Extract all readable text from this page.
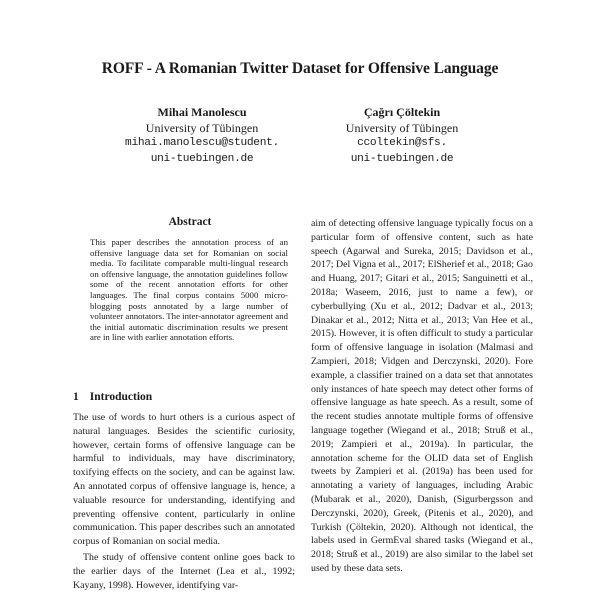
ROFF - A Romanian Twitter Dataset for Offensive Language
Mihai Manolescu
University of Tübingen
mihai.manolescu@student.
uni-tuebingen.de
Çağrı Çöltekin
University of Tübingen
ccoltekin@sfs.
uni-tuebingen.de
Abstract

This paper describes the annotation process of an offensive language data set for Romanian on social media. To facilitate comparable multi-lingual research on offensive language, the annotation guidelines follow some of the recent annotation efforts for other languages. The final corpus contains 5000 micro-blogging posts annotated by a large number of volunteer annotators. The inter-annotator agreement and the initial automatic discrimination results we present are in line with earlier annotation efforts.

1 Introduction

The use of words to hurt others is a curious aspect of natural languages. Besides the scientific curiosity, however, certain forms of offensive language can be harmful to individuals, may have discriminatory, toxifying effects on the society, and can be against law. An annotated corpus of offensive language is, hence, a valuable resource for understanding, identifying and preventing offensive content, particularly in online communication. This paper describes such an annotated corpus of Romanian on social media.

The study of offensive content online goes back to the earlier days of the Internet (Lea et al., 1992; Kayany, 1998). However, identifying var-

aim of detecting offensive language typically focus on a particular form of offensive content, such as hate speech (Agarwal and Sureka, 2015; Davidson et al., 2017; Del Vigna et al., 2017; ElSherief et al., 2018; Gao and Huang, 2017; Gitari et al., 2015; Sanguinetti et al., 2018a; Waseem, 2016, just to name a few), or cyberbullying (Xu et al., 2012; Dadvar et al., 2013; Dinakar et al., 2012; Nitta et al., 2013; Van Hee et al., 2015). However, it is often difficult to study a particular form of offensive language in isolation (Malmasi and Zampieri, 2018; Vidgen and Derczynski, 2020). Fore example, a classifier trained on a data set that annotates only instances of hate speech may detect other forms of offensive language as hate speech. As a result, some of the recent studies annotate multiple forms of offensive language together (Wiegand et al., 2018; Struß et al., 2019; Zampieri et al., 2019a). In particular, the annotation scheme for the OLID data set of English tweets by Zampieri et al. (2019a) has been used for annotating a variety of languages, including Arabic (Mubarak et al., 2020), Danish, (Sigurbergsson and Derczynski, 2020), Greek, (Pitenis et al., 2020), and Turkish (Çöltekin, 2020). Although not identical, the labels used in GermEval shared tasks (Wiegand et al., 2018; Struß et al., 2019) are also similar to the label set used by these data sets.
